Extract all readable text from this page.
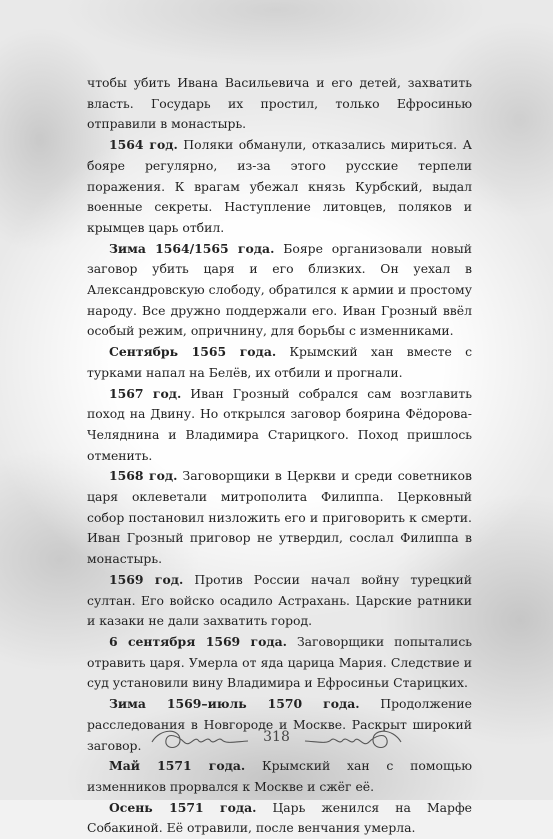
чтобы убить Ивана Васильевича и его детей, захватить власть. Государь их простил, только Ефросинью отправили в монастырь.

1564 год. Поляки обманули, отказались мириться. А бояре регулярно, из-за этого русские терпели поражения. К врагам убежал князь Курбский, выдал военные секреты. Наступление литовцев, поляков и крымцев царь отбил.

Зима 1564/1565 года. Бояре организовали новый заговор убить царя и его близких. Он уехал в Александровскую слободу, обратился к армии и простому народу. Все дружно поддержали его. Иван Грозный ввёл особый режим, опричнину, для борьбы с изменниками.

Сентябрь 1565 года. Крымский хан вместе с турками напал на Белёв, их отбили и прогнали.

1567 год. Иван Грозный собрался сам возглавить поход на Двину. Но открылся заговор боярина Фёдорова-Челяднина и Владимира Старицкого. Поход пришлось отменить.

1568 год. Заговорщики в Церкви и среди советников царя оклеветали митрополита Филиппа. Церковный собор постановил низложить его и приговорить к смерти. Иван Грозный приговор не утвердил, сослал Филиппа в монастырь.

1569 год. Против России начал войну турецкий султан. Его войско осадило Астрахань. Царские ратники и казаки не дали захватить город.

6 сентября 1569 года. Заговорщики попытались отравить царя. Умерла от яда царица Мария. Следствие и суд установили вину Владимира и Ефросиньи Старицких.

Зима 1569–июль 1570 года. Продолжение расследования в Новгороде и Москве. Раскрыт широкий заговор.

Май 1571 года. Крымский хан с помощью изменников прорвался к Москве и сжёг её.

Осень 1571 года. Царь женился на Марфе Собакиной. Её отравили, после венчания умерла.

318
